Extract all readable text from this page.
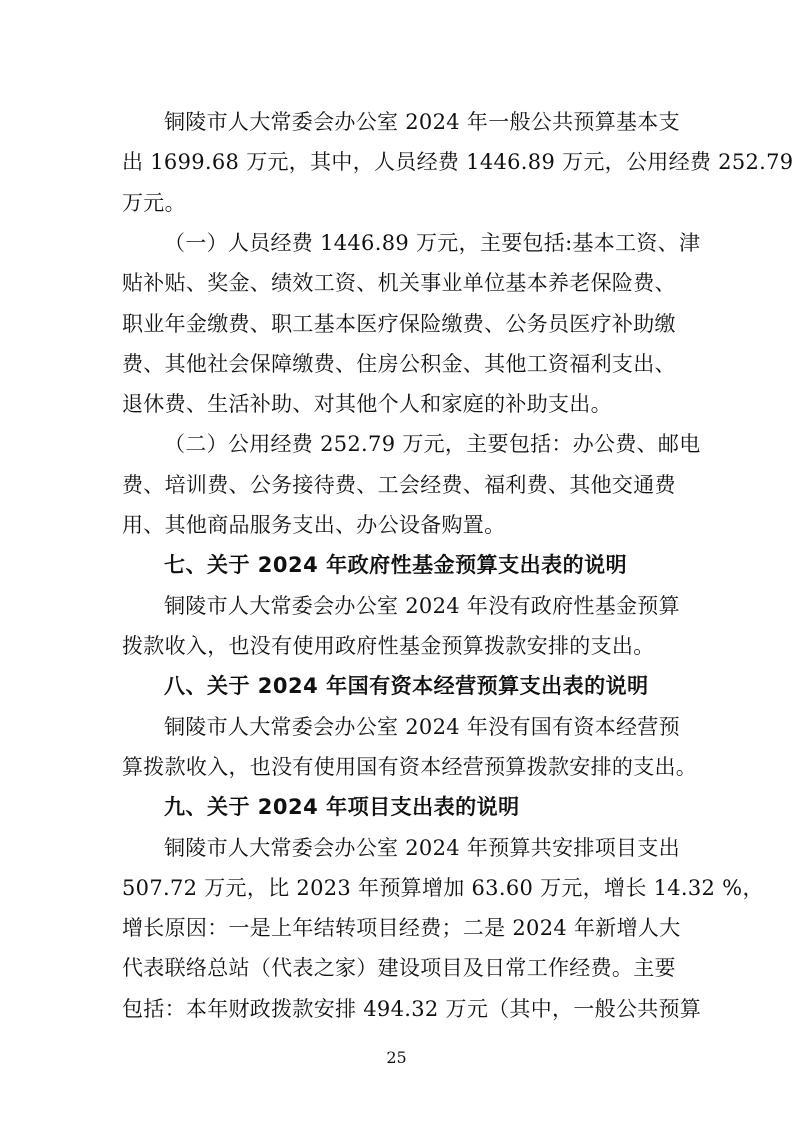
铜陵市人大常委会办公室 2024 年一般公共预算基本支
出 1699.68 万元，其中，人员经费 1446.89 万元，公用经费 252.79
万元。
（一）人员经费 1446.89 万元，主要包括:基本工资、津
贴补贴、奖金、绩效工资、机关事业单位基本养老保险费、
职业年金缴费、职工基本医疗保险缴费、公务员医疗补助缴
费、其他社会保障缴费、住房公积金、其他工资福利支出、
退休费、生活补助、对其他个人和家庭的补助支出。
（二）公用经费 252.79 万元，主要包括：办公费、邮电
费、培训费、公务接待费、工会经费、福利费、其他交通费
用、其他商品服务支出、办公设备购置。
七、关于 2024 年政府性基金预算支出表的说明
铜陵市人大常委会办公室 2024 年没有政府性基金预算
拨款收入，也没有使用政府性基金预算拨款安排的支出。
八、关于 2024 年国有资本经营预算支出表的说明
铜陵市人大常委会办公室 2024 年没有国有资本经营预
算拨款收入，也没有使用国有资本经营预算拨款安排的支出。
九、关于 2024 年项目支出表的说明
铜陵市人大常委会办公室 2024 年预算共安排项目支出
507.72 万元，比 2023 年预算增加 63.60 万元，增长 14.32 %，
增长原因：一是上年结转项目经费；二是 2024 年新增人大
代表联络总站（代表之家）建设项目及日常工作经费。主要
包括：本年财政拨款安排 494.32 万元（其中，一般公共预算
25
